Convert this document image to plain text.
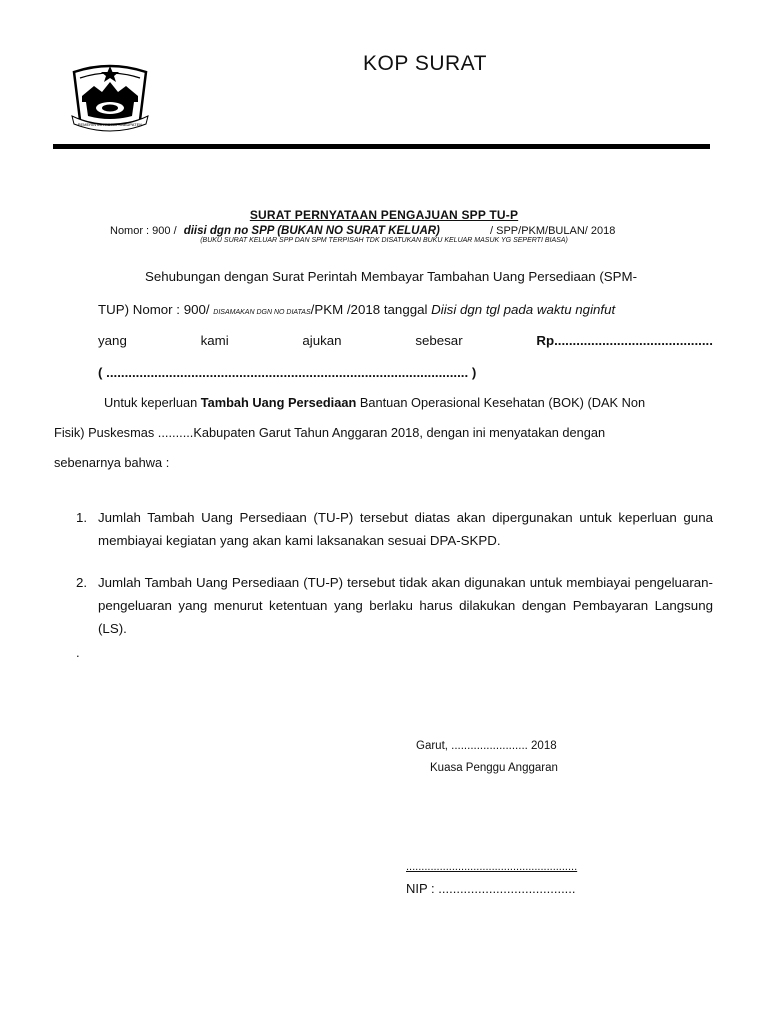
PEMERINTAH KOTA / KABUPATEN
KOP SURAT
SURAT PERNYATAAN PENGAJUAN SPP TU-P
Nomor : 900 / diisi dgn no SPP (BUKAN NO SURAT KELUAR)	/ SPP/PKM/BULAN/ 2018
(BUKU SURAT KELUAR SPP DAN SPM TERPISAH TDK DISATUKAN BUKU KELUAR MASUK YG SEPERTI BIASA)
Sehubungan dengan Surat Perintah Membayar Tambahan Uang Persediaan (SPM-
TUP) Nomor : 900/ DISAMAKAN DGN NO DIATAS/PKM /2018 tanggal Diisi dgn tgl pada waktu nginfut
yang	kami	ajukan	sebesar	Rp...........................................
( .................................................................................................. )
Untuk keperluan Tambah Uang Persediaan Bantuan Operasional Kesehatan (BOK) (DAK Non
Fisik) Puskesmas ..........Kabupaten Garut Tahun Anggaran 2018, dengan ini menyatakan dengan
sebenarnya bahwa :
1. Jumlah Tambah Uang Persediaan (TU-P) tersebut diatas akan dipergunakan untuk keperluan guna membiayai kegiatan yang akan kami laksanakan sesuai DPA-SKPD.
2. Jumlah Tambah Uang Persediaan (TU-P) tersebut tidak akan digunakan untuk membiayai pengeluaran-pengeluaran yang menurut ketentuan yang berlaku harus dilakukan dengan Pembayaran Langsung (LS).
.
Garut, ........................ 2018
Kuasa Penggu Anggaran
........................................................
NIP : ......................................
